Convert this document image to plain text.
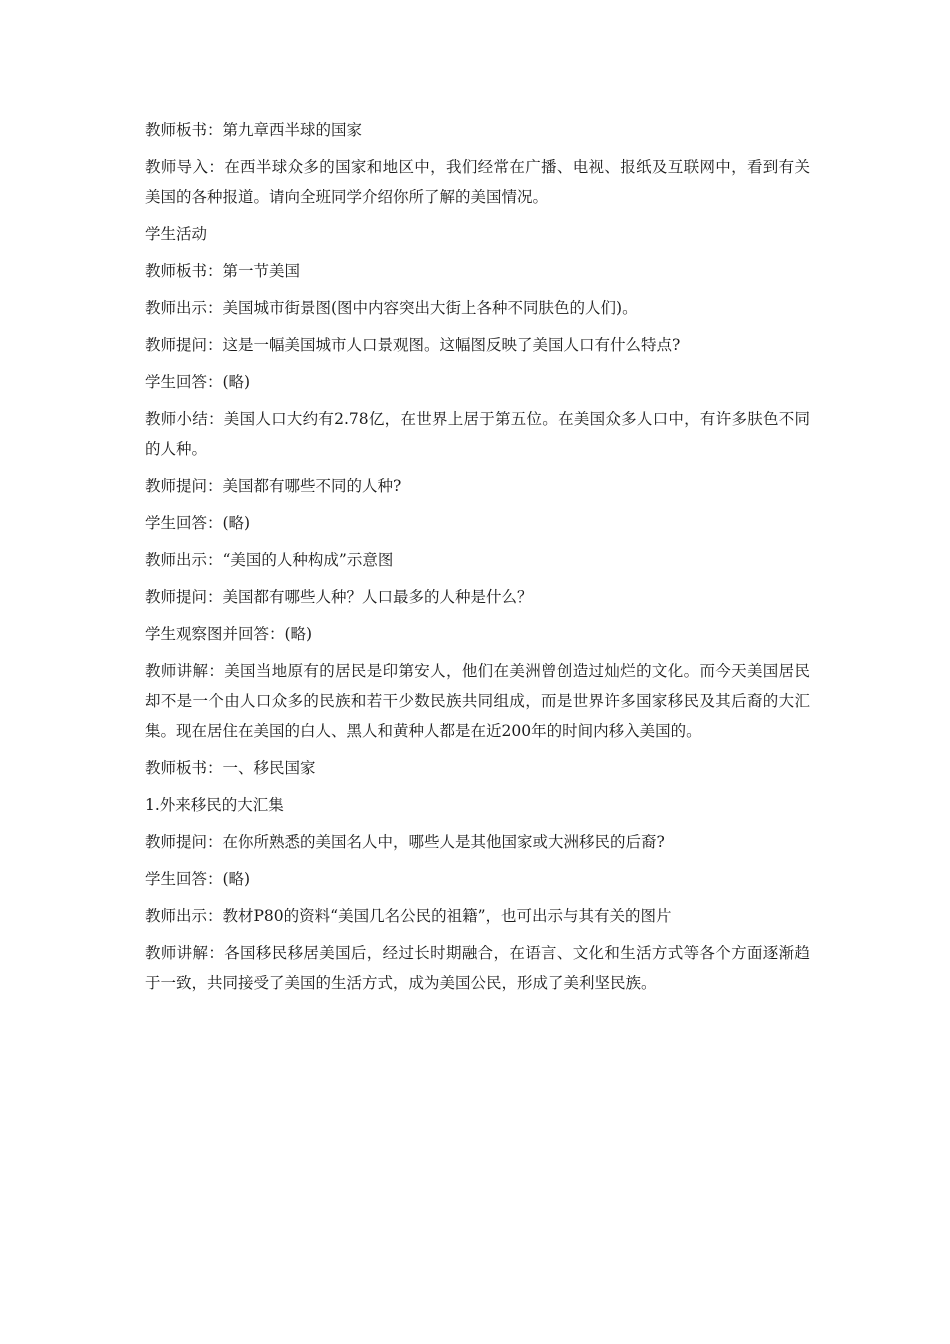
教师板书：第九章西半球的国家

教师导入：在西半球众多的国家和地区中，我们经常在广播、电视、报纸及互联网中，看到有关美国的各种报道。请向全班同学介绍你所了解的美国情况。

学生活动

教师板书：第一节美国

教师出示：美国城市街景图(图中内容突出大街上各种不同肤色的人们)。

教师提问：这是一幅美国城市人口景观图。这幅图反映了美国人口有什么特点?

学生回答：(略)

教师小结：美国人口大约有2.78亿，在世界上居于第五位。在美国众多人口中，有许多肤色不同的人种。

教师提问：美国都有哪些不同的人种?

学生回答：(略)

教师出示：“美国的人种构成”示意图

教师提问：美国都有哪些人种？人口最多的人种是什么？

学生观察图并回答：(略)

教师讲解：美国当地原有的居民是印第安人，他们在美洲曾创造过灿烂的文化。而今天美国居民却不是一个由人口众多的民族和若干少数民族共同组成，而是世界许多国家移民及其后裔的大汇集。现在居住在美国的白人、黑人和黄种人都是在近200年的时间内移入美国的。

教师板书：一、移民国家

1.外来移民的大汇集

教师提问：在你所熟悉的美国名人中，哪些人是其他国家或大洲移民的后裔?

学生回答：(略)

教师出示：教材P80的资料“美国几名公民的祖籍”，也可出示与其有关的图片

教师讲解：各国移民移居美国后，经过长时期融合，在语言、文化和生活方式等各个方面逐渐趋于一致，共同接受了美国的生活方式，成为美国公民，形成了美利坚民族。
